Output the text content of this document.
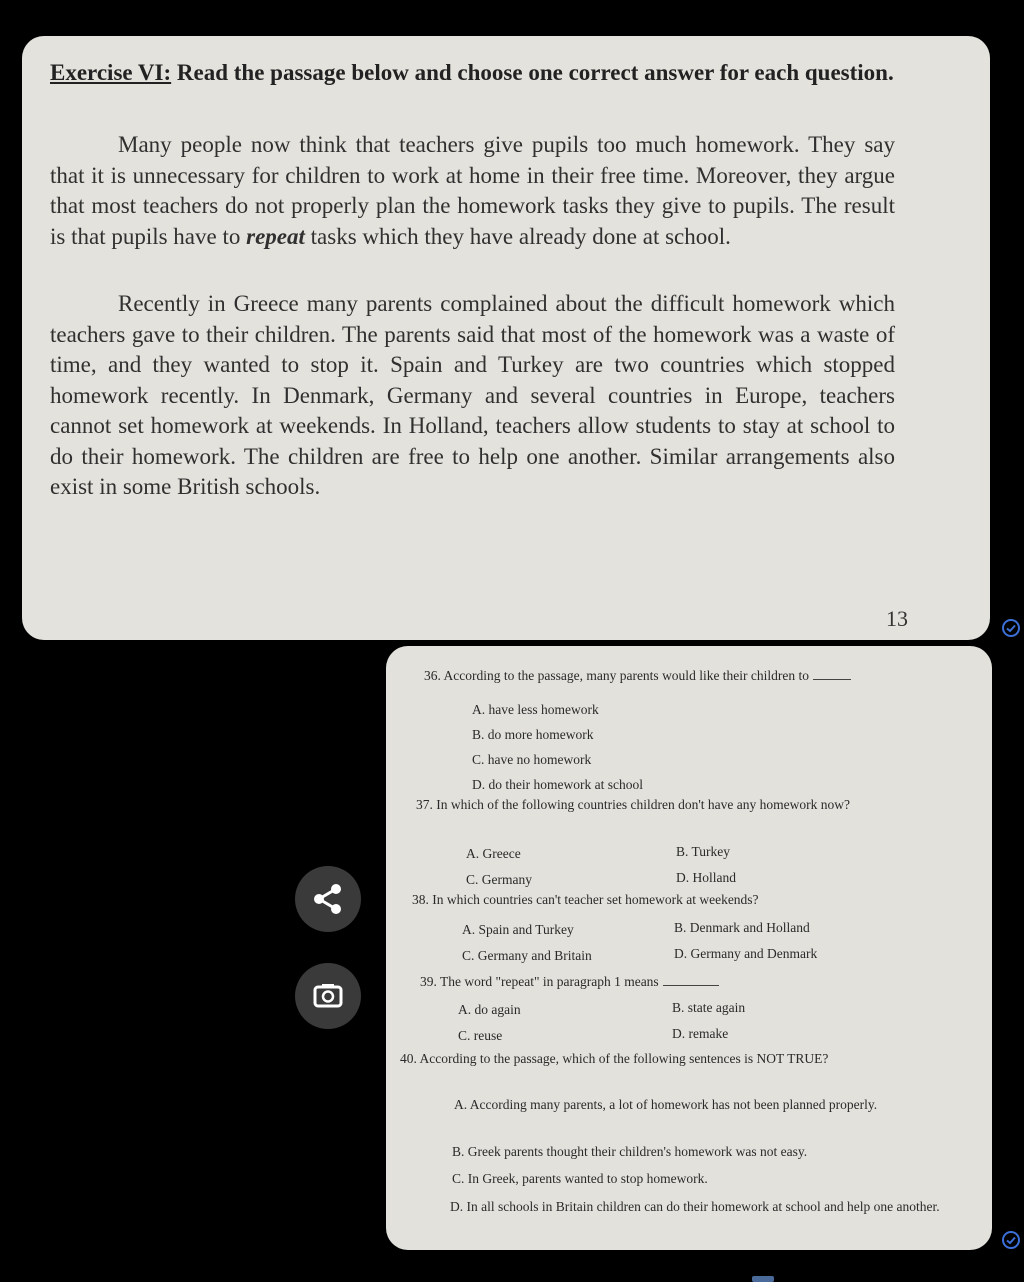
Exercise VI: Read the passage below and choose one correct answer for each question.
Many people now think that teachers give pupils too much homework. They say that it is unnecessary for children to work at home in their free time. Moreover, they argue that most teachers do not properly plan the homework tasks they give to pupils. The result is that pupils have to repeat tasks which they have already done at school.
Recently in Greece many parents complained about the difficult homework which teachers gave to their children. The parents said that most of the homework was a waste of time, and they wanted to stop it. Spain and Turkey are two countries which stopped homework recently. In Denmark, Germany and several countries in Europe, teachers cannot set homework at weekends. In Holland, teachers allow students to stay at school to do their homework. The children are free to help one another. Similar arrangements also exist in some British schools.
13
36. According to the passage, many parents would like their children to
A. have less homework
B. do more homework
C. have no homework
D. do their homework at school
37. In which of the following countries children don't have any homework now?
A. Greece	B. Turkey
C. Germany	D. Holland
38. In which countries can't teacher set homework at weekends?
A. Spain and Turkey	B. Denmark and Holland
C. Germany and Britain	D. Germany and Denmark
39. The word "repeat" in paragraph 1 means
A. do again	B. state again
C. reuse	D. remake
40. According to the passage, which of the following sentences is NOT TRUE?
A. According many parents, a lot of homework has not been planned properly.
B. Greek parents thought their children's homework was not easy.
C. In Greek, parents wanted to stop homework.
D. In all schools in Britain children can do their homework at school and help one another.
